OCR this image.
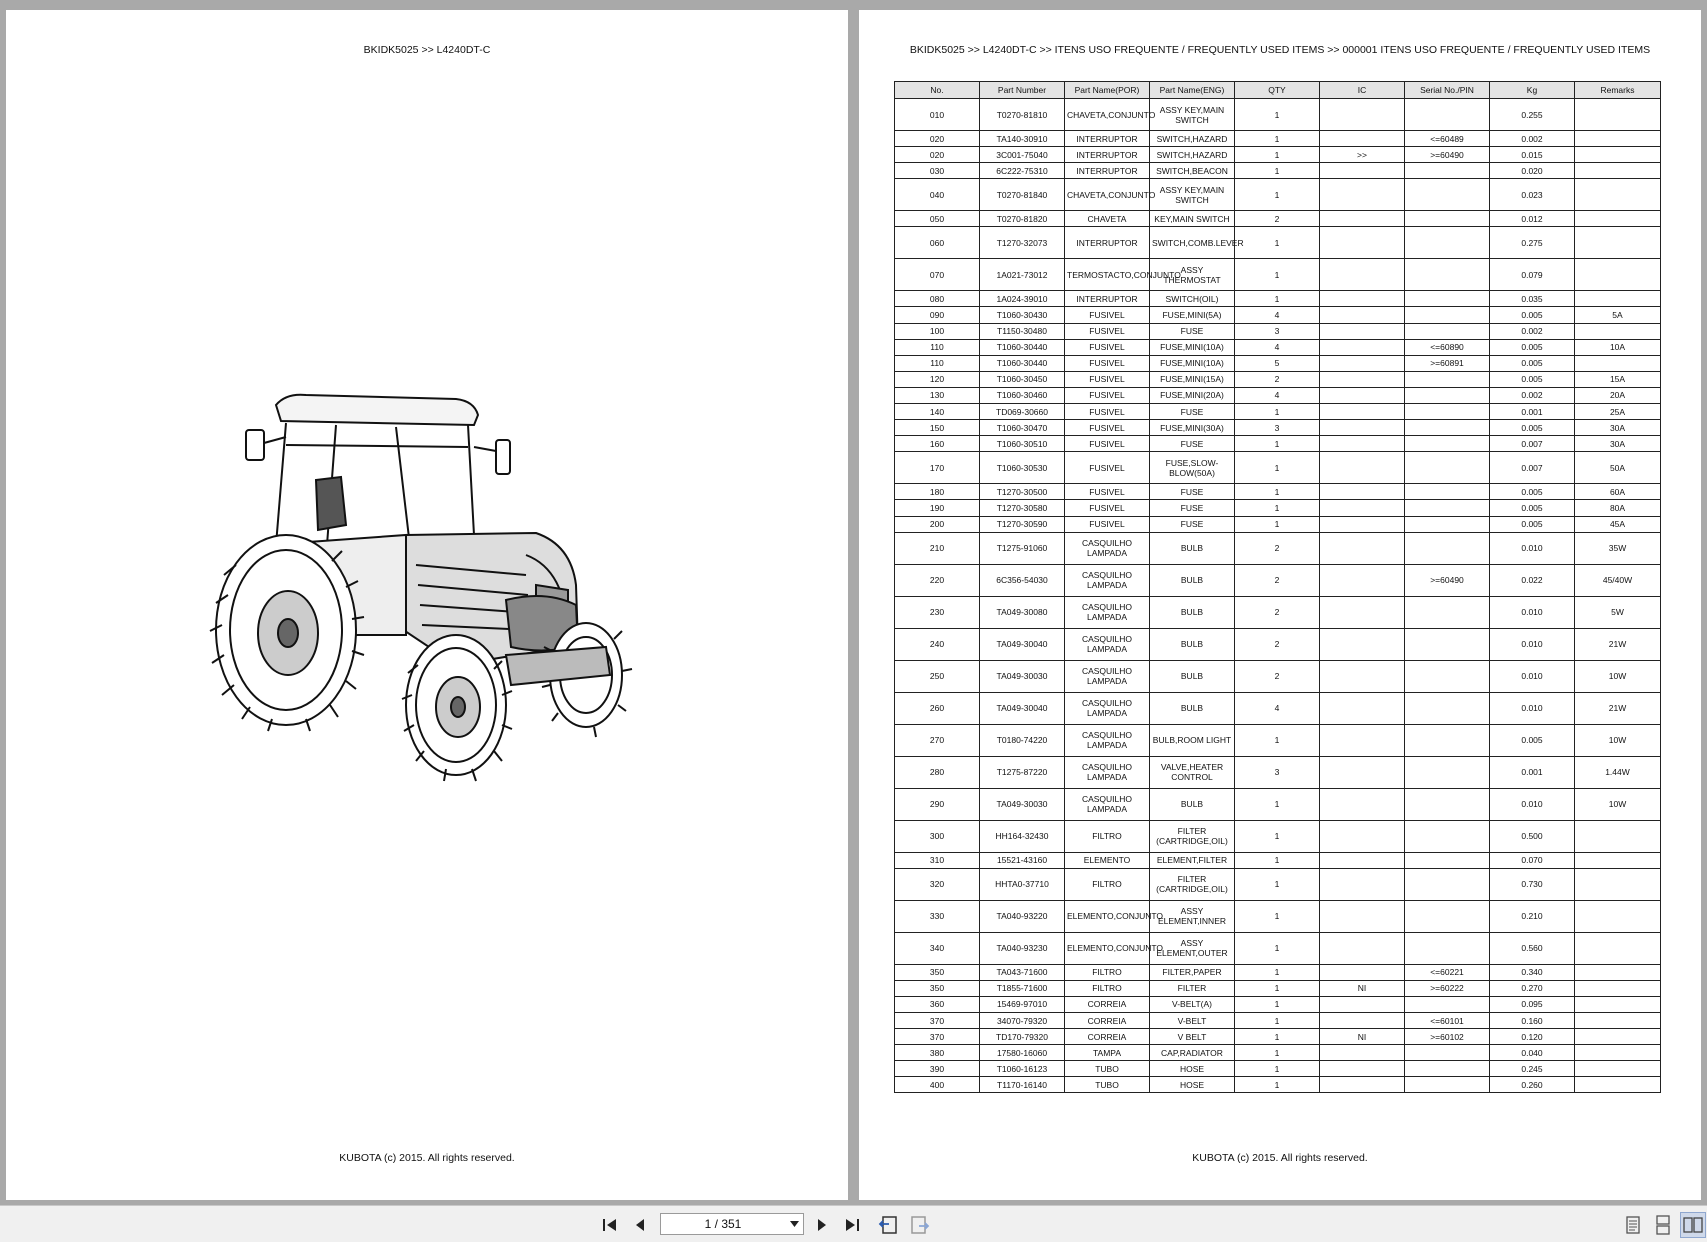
BKIDK5025 >> L4240DT-C
KUBOTA (c) 2015. All rights reserved.
BKIDK5025 >> L4240DT-C >> ITENS USO FREQUENTE / FREQUENTLY USED ITEMS >> 000001 ITENS USO FREQUENTE / FREQUENTLY USED ITEMS
No.	Part Number	Part Name(POR)	Part Name(ENG)	QTY	IC	Serial No./PIN	Kg	Remarks
010	T0270-81810	CHAVETA,CONJUNTO	ASSY KEY,MAIN SWITCH	1			0.255	
020	TA140-30910	INTERRUPTOR	SWITCH,HAZARD	1		<=60489	0.002	
020	3C001-75040	INTERRUPTOR	SWITCH,HAZARD	1	>>	>=60490	0.015	
030	6C222-75310	INTERRUPTOR	SWITCH,BEACON	1			0.020	
040	T0270-81840	CHAVETA,CONJUNTO	ASSY KEY,MAIN SWITCH	1			0.023	
050	T0270-81820	CHAVETA	KEY,MAIN SWITCH	2			0.012	
060	T1270-32073	INTERRUPTOR	SWITCH,COMB.LEVER	1			0.275	
070	1A021-73012	TERMOSTACTO,CONJUNTO	ASSY THERMOSTAT	1			0.079	
080	1A024-39010	INTERRUPTOR	SWITCH(OIL)	1			0.035	
090	T1060-30430	FUSIVEL	FUSE,MINI(5A)	4			0.005	5A
100	T1150-30480	FUSIVEL	FUSE	3			0.002	
110	T1060-30440	FUSIVEL	FUSE,MINI(10A)	4		<=60890	0.005	10A
110	T1060-30440	FUSIVEL	FUSE,MINI(10A)	5		>=60891	0.005	
120	T1060-30450	FUSIVEL	FUSE,MINI(15A)	2			0.005	15A
130	T1060-30460	FUSIVEL	FUSE,MINI(20A)	4			0.002	20A
140	TD069-30660	FUSIVEL	FUSE	1			0.001	25A
150	T1060-30470	FUSIVEL	FUSE,MINI(30A)	3			0.005	30A
160	T1060-30510	FUSIVEL	FUSE	1			0.007	30A
170	T1060-30530	FUSIVEL	FUSE,SLOW-BLOW(50A)	1			0.007	50A
180	T1270-30500	FUSIVEL	FUSE	1			0.005	60A
190	T1270-30580	FUSIVEL	FUSE	1			0.005	80A
200	T1270-30590	FUSIVEL	FUSE	1			0.005	45A
210	T1275-91060	CASQUILHO LAMPADA	BULB	2			0.010	35W
220	6C356-54030	CASQUILHO LAMPADA	BULB	2		>=60490	0.022	45/40W
230	TA049-30080	CASQUILHO LAMPADA	BULB	2			0.010	5W
240	TA049-30040	CASQUILHO LAMPADA	BULB	2			0.010	21W
250	TA049-30030	CASQUILHO LAMPADA	BULB	2			0.010	10W
260	TA049-30040	CASQUILHO LAMPADA	BULB	4			0.010	21W
270	T0180-74220	CASQUILHO LAMPADA	BULB,ROOM LIGHT	1			0.005	10W
280	T1275-87220	CASQUILHO LAMPADA	VALVE,HEATER CONTROL	3			0.001	1.44W
290	TA049-30030	CASQUILHO LAMPADA	BULB	1			0.010	10W
300	HH164-32430	FILTRO	FILTER (CARTRIDGE,OIL)	1			0.500	
310	15521-43160	ELEMENTO	ELEMENT,FILTER	1			0.070	
320	HHTA0-37710	FILTRO	FILTER (CARTRIDGE,OIL)	1			0.730	
330	TA040-93220	ELEMENTO,CONJUNTO	ASSY ELEMENT,INNER	1			0.210	
340	TA040-93230	ELEMENTO,CONJUNTO	ASSY ELEMENT,OUTER	1			0.560	
350	TA043-71600	FILTRO	FILTER,PAPER	1		<=60221	0.340	
350	T1855-71600	FILTRO	FILTER	1	NI	>=60222	0.270	
360	15469-97010	CORREIA	V-BELT(A)	1			0.095	
370	34070-79320	CORREIA	V-BELT	1		<=60101	0.160	
370	TD170-79320	CORREIA	V BELT	1	NI	>=60102	0.120	
380	17580-16060	TAMPA	CAP,RADIATOR	1			0.040	
390	T1060-16123	TUBO	HOSE	1			0.245	
400	T1170-16140	TUBO	HOSE	1			0.260	
KUBOTA (c) 2015. All rights reserved.
1 / 351
